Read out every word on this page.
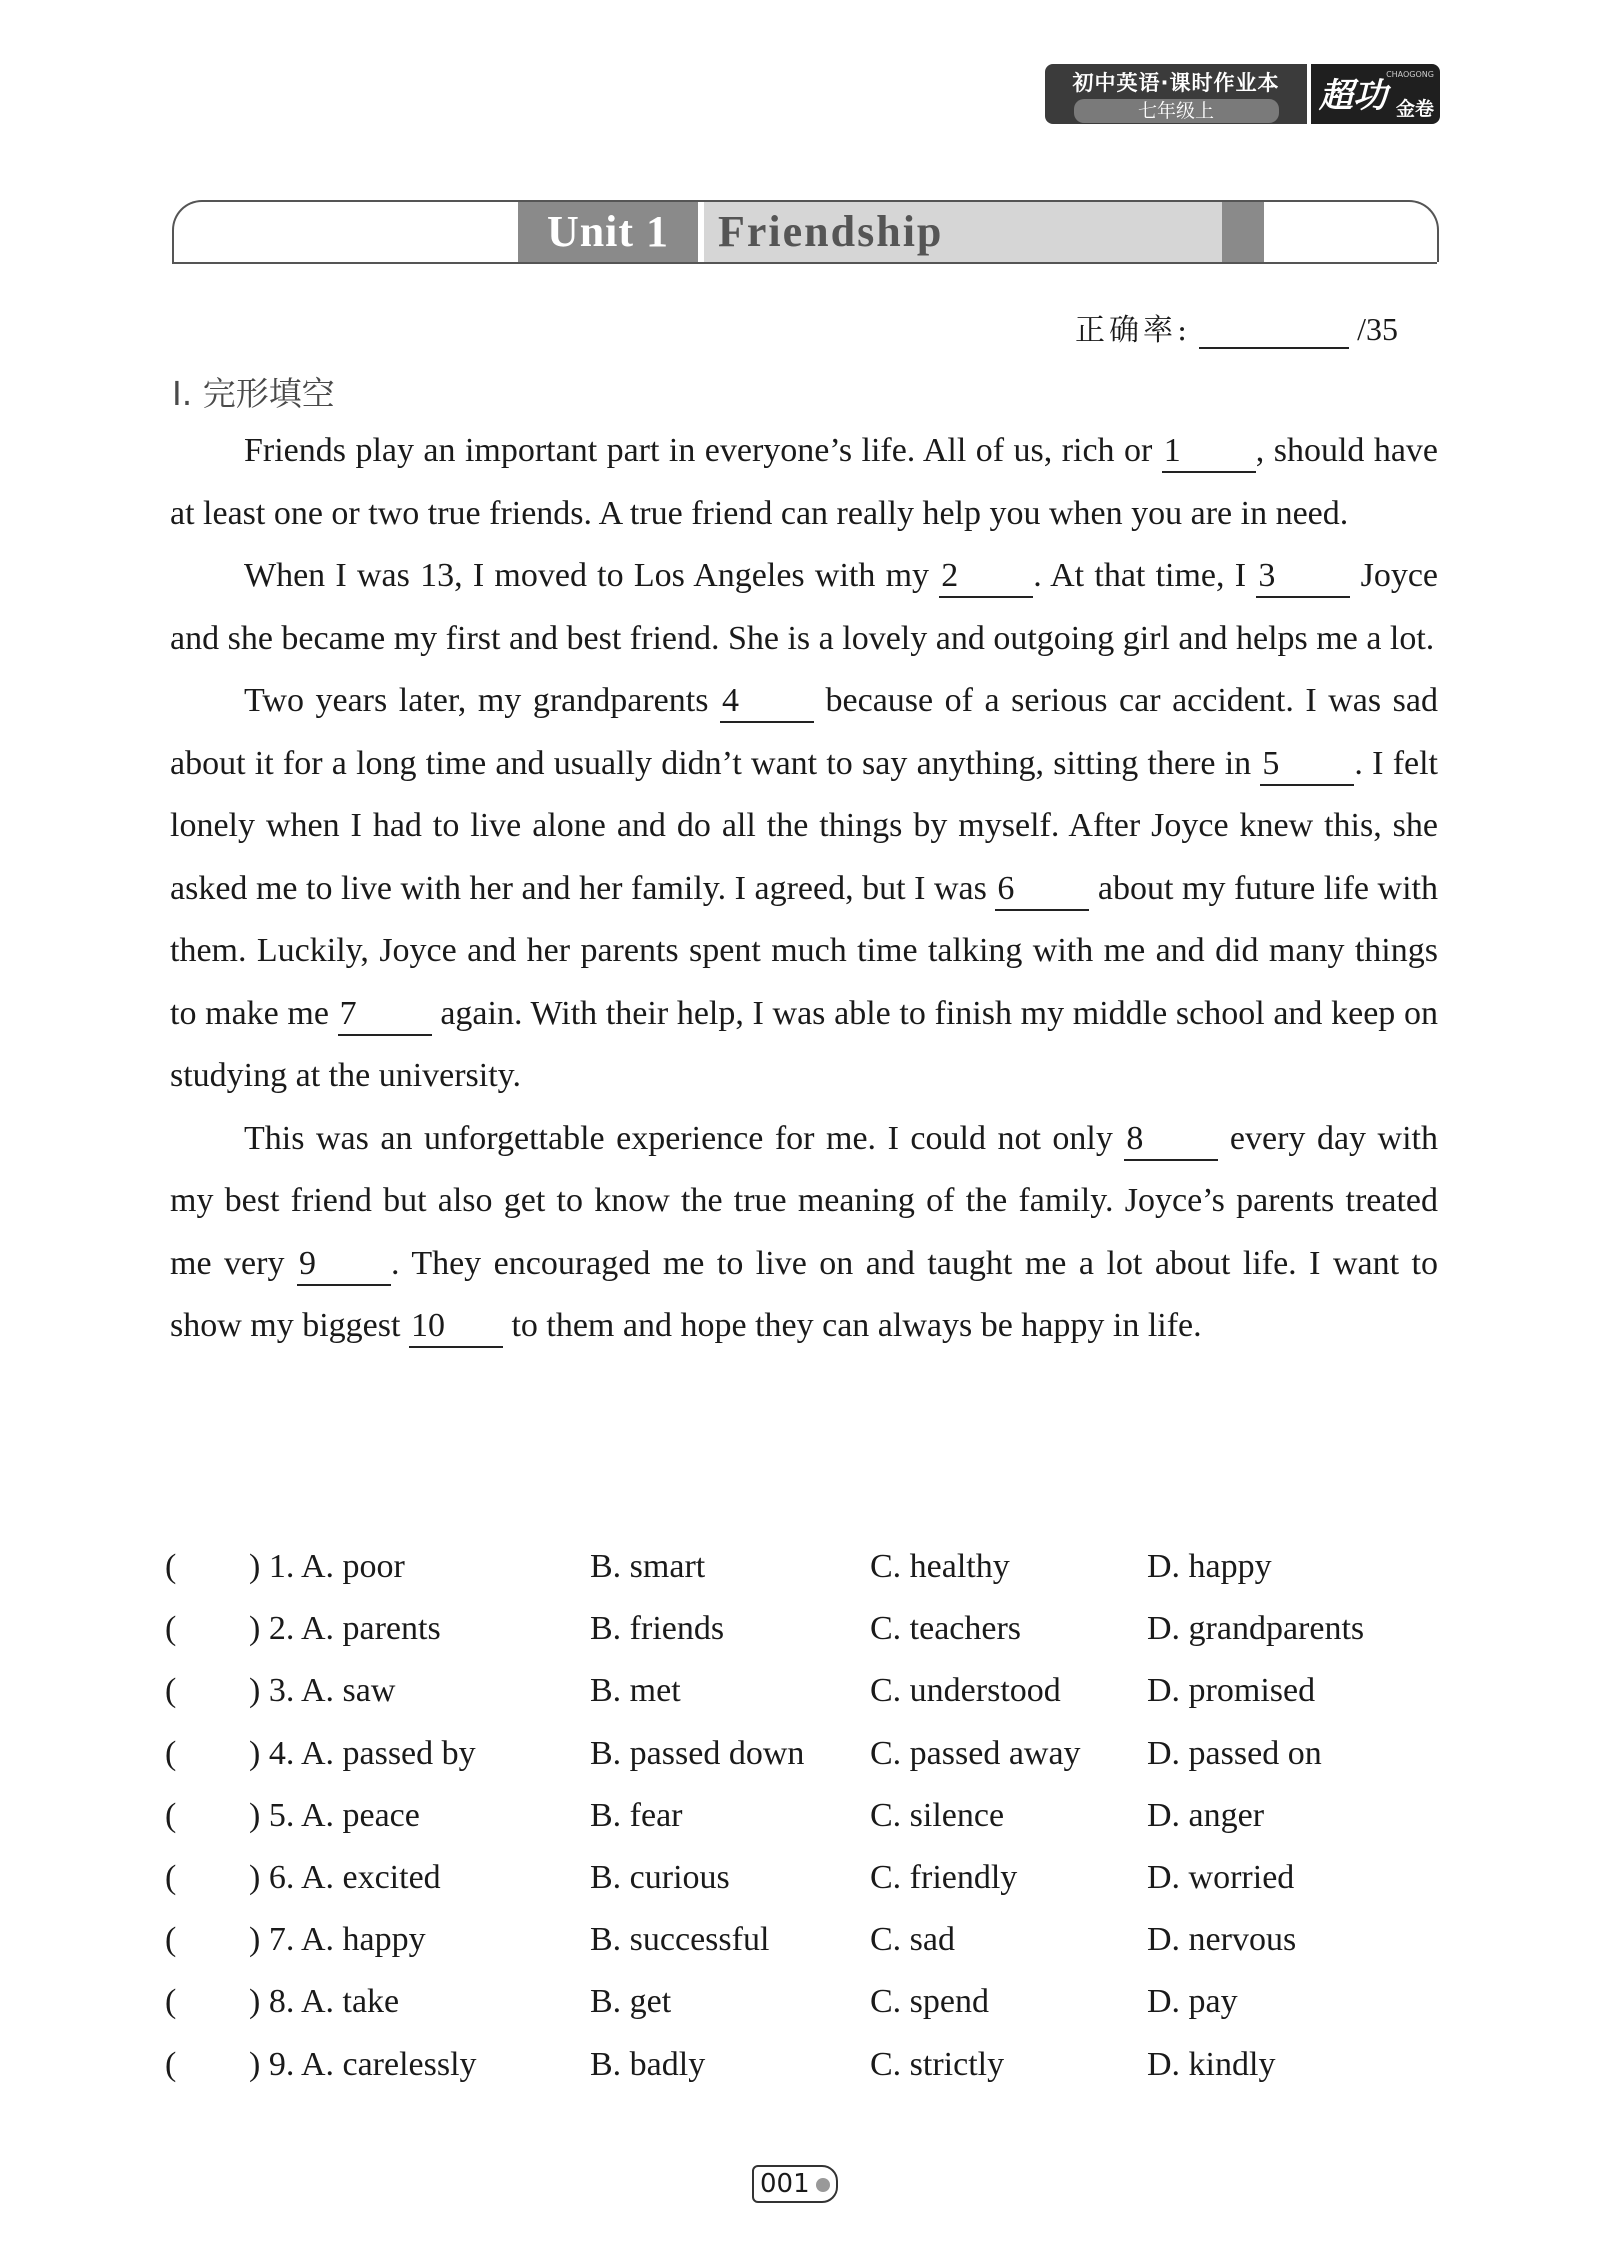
初中英语·课时作业本
七年级上	超功
CHAOGONG
金卷
Unit 1	Friendship
正确率:	/35
I. 完形填空

Friends play an important part in everyone’s life. All of us, rich or 1 , should have at least one or two true friends. A true friend can really help you when you are in need.

When I was 13, I moved to Los Angeles with my 2 . At that time, I 3 Joyce and she became my first and best friend. She is a lovely and outgoing girl and helps me a lot.

Two years later, my grandparents 4 because of a serious car accident. I was sad about it for a long time and usually didn’t want to say anything, sitting there in 5 . I felt lonely when I had to live alone and do all the things by myself. After Joyce knew this, she asked me to live with her and her family. I agreed, but I was 6 about my future life with them. Luckily, Joyce and her parents spent much time talking with me and did many things to make me 7 again. With their help, I was able to finish my middle school and keep on studying at the university.

This was an unforgettable experience for me. I could not only 8 every day with my best friend but also get to know the true meaning of the family. Joyce’s parents treated me very 9 . They encouraged me to live on and taught me a lot about life. I want to show my biggest 10 to them and hope they can always be happy in life.

( ) 1. A. poor	B. smart	C. healthy	D. happy
( ) 2. A. parents	B. friends	C. teachers	D. grandparents
( ) 3. A. saw	B. met	C. understood	D. promised
( ) 4. A. passed by	B. passed down C. passed away D. passed on
( ) 5. A. peace	B. fear	C. silence	D. anger
( ) 6. A. excited	B. curious	C. friendly	D. worried
( ) 7. A. happy	B. successful	C. sad	D. nervous
( ) 8. A. take	B. get	C. spend	D. pay
( ) 9. A. carelessly	B. badly	C. strictly	D. kindly
001
